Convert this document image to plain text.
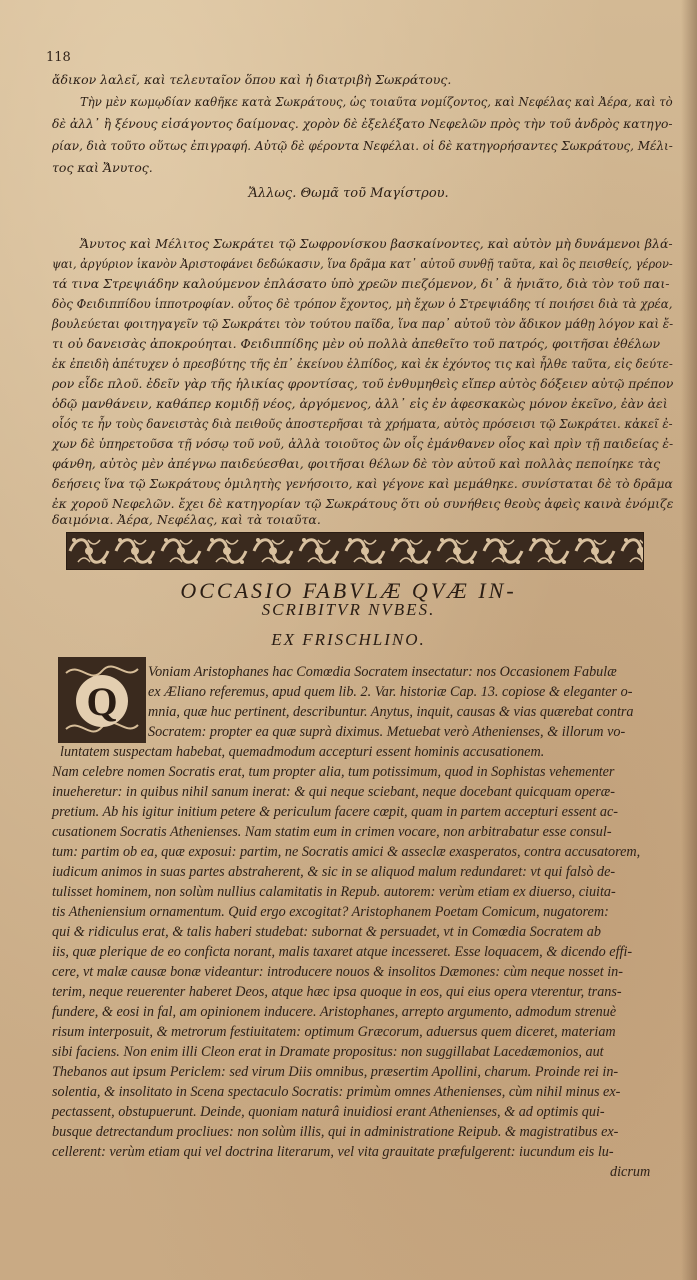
118
ἄδικον λαλεῖ, καὶ τελευταῖον ὅπου καὶ ἡ διατριβὴ Σωκράτους.
Τὴν μὲν κωμῳδίαν καθῆκε κατὰ Σωκράτους, ὡς τοιαῦτα νομίζοντος, καὶ Νεφέλας καὶ Ἀέρα, καὶ τὸ
δὲ ἀλλ᾽ ἢ ξένους εἰσάγοντος δαίμονας. χορὸν δὲ ἐξελέξατο Νεφελῶν πρὸς τὴν τοῦ ἀνδρὸς κατηγο-
ρίαν, διὰ τοῦτο οὕτως ἐπιγραφή. Αὐτῷ δὲ φέροντα Νεφέλαι. οἱ δὲ κατηγορήσαντες Σωκράτους, Μέλι-
τος καὶ Ἄνυτος.
Ἄλλως. Θωμᾶ τοῦ Μαγίστρου.
Ἄνυτος καὶ Μέλιτος Σωκράτει τῷ Σωφρονίσκου βασκαίνοντες, καὶ αὐτὸν μὴ δυνάμενοι βλά-
ψαι, ἀργύριον ἱκανὸν Ἀριστοφάνει δεδώκασιν, ἵνα δρᾶμα κατ᾽ αὐτοῦ συνθῇ ταῦτα, καὶ ὃς πεισθείς, γέρον-
τά τινα Στρεψιάδην καλούμενον ἐπλάσατο ὑπὸ χρεῶν πιεζόμενον, δι᾽ ἃ ἠνιᾶτο, διὰ τὸν τοῦ παι-
δὸς Φειδιππίδου ἱπποτροφίαν. οὗτος δὲ τρόπον ἔχοντος, μὴ ἔχων ὁ Στρεψιάδης τί ποιήσει διὰ τὰ χρέα,
βουλεύεται φοιτηγαγεῖν τῷ Σωκράτει τὸν τούτου παῖδα, ἵνα παρ᾽ αὐτοῦ τὸν ἄδικον μάθῃ λόγον καὶ ἔ-
τι οὐ δανεισὰς ἀποκρούηται. Φειδιππίδης μὲν οὐ πολλὰ ἀπεθεῖτο τοῦ πατρός, φοιτῆσαι ἐθέλων
ἐκ ἐπειδὴ ἀπέτυχεν ὁ πρεσβύτης τῆς ἐπ᾽ ἐκείνου ἐλπίδος, καὶ ἐκ ἐχόντος τις καὶ ἦλθε ταῦτα, εἰς δεύτε-
ρον εἶδε πλοῦ. ἐδεῖν γὰρ τῆς ἡλικίας φροντίσας, τοῦ ἐνθυμηθεὶς εἴπερ αὐτὸς δόξειεν αὐτῷ πρέπον
ὁδῷ μανθάνειν, καθάπερ κομιδῇ νέος, ἀργόμενος, ἀλλ᾽ εἰς ἐν ἀφεσκακὼς μόνον ἐκεῖνο, ἐὰν ἀεὶ
οἷός τε ἦν τοὺς δανειστὰς διὰ πειθοῦς ἀποστερῆσαι τὰ χρήματα, αὐτὸς πρόσεισι τῷ Σωκράτει. κἀκεῖ ἐ-
χων δὲ ὑπηρετοῦσα τῇ νόσῳ τοῦ νοῦ, ἀλλὰ τοιοῦτος ὢν οἷς ἐμάνθανεν οἷος καὶ πρὶν τῇ παιδείας ἐ-
φάνθη, αὐτὸς μὲν ἀπέγνω παιδεύεσθαι, φοιτῆσαι θέλων δὲ τὸν αὐτοῦ καὶ πολλὰς πεποίηκε τὰς
δεήσεις ἵνα τῷ Σωκράτους ὁμιλητὴς γενήσοιτο, καὶ γέγονε καὶ μεμάθηκε. συνίσταται δὲ τὸ δρᾶμα
ἐκ χοροῦ Νεφελῶν. ἔχει δὲ κατηγορίαν τῷ Σωκράτους ὅτι οὐ συνήθεις θεοὺς ἀφεὶς καινὰ ἐνόμιζε
δαιμόνια. Ἀέρα, Νεφέλας, καὶ τὰ τοιαῦτα.
OCCASIO FABVLÆ QVÆ IN-
SCRIBITVR NVBES.
EX FRISCHLINO.
Q
Voniam Aristophanes hac Comœdia Socratem insectatur: nos Occasionem Fabulæ
ex Æliano referemus, apud quem lib. 2. Var. historiæ Cap. 13. copiose & eleganter o-
mnia, quæ huc pertinent, describuntur. Anytus, inquit, causas & vias quærebat contra
Socratem: propter ea quæ suprà diximus. Metuebat verò Athenienses, & illorum vo-
luntatem suspectam habebat, quemadmodum accepturi essent hominis accusationem.
Nam celebre nomen Socratis erat, tum propter alia, tum potissimum, quod in Sophistas vehementer
inueheretur: in quibus nihil sanum inerat: & qui neque sciebant, neque docebant quicquam operæ-
pretium. Ab his igitur initium petere & periculum facere cœpit, quam in partem accepturi essent ac-
cusationem Socratis Athenienses. Nam statim eum in crimen vocare, non arbitrabatur esse consul-
tum: partim ob ea, quæ exposui: partim, ne Socratis amici & asseclæ exasperatos, contra accusatorem,
iudicum animos in suas partes abstraherent, & sic in se aliquod malum redundaret: vt qui falsò de-
tulisset hominem, non solùm nullius calamitatis in Repub. autorem: verùm etiam ex diuerso, ciuita-
tis Atheniensium ornamentum. Quid ergo excogitat? Aristophanem Poetam Comicum, nugatorem:
qui & ridiculus erat, & talis haberi studebat: subornat & persuadet, vt in Comœdia Socratem ab
iis, quæ plerique de eo conficta norant, malis taxaret atque incesseret. Esse loquacem, & dicendo effi-
cere, vt malæ causæ bonæ videantur: introducere nouos & insolitos Dæmones: cùm neque nosset in-
terim, neque reuerenter haberet Deos, atque hæc ipsa quoque in eos, qui eius opera vterentur, trans-
fundere, & eosi in fal, am opinionem inducere. Aristophanes, arrepto argumento, admodum strenuè
risum interposuit, & metrorum festiuitatem: optimum Græcorum, aduersus quem diceret, materiam
sibi faciens. Non enim illi Cleon erat in Dramate propositus: non suggillabat Lacedæmonios, aut
Thebanos aut ipsum Periclem: sed virum Diis omnibus, præsertim Apollini, charum. Proinde rei in-
solentia, & insolitato in Scena spectaculo Socratis: primùm omnes Athenienses, cùm nihil minus ex-
pectassent, obstupuerunt. Deinde, quoniam naturâ inuidiosi erant Athenienses, & ad optimis qui-
busque detrectandum procliues: non solùm illis, qui in administratione Reipub. & magistratibus ex-
cellerent: verùm etiam qui vel doctrina literarum, vel vita grauitate præfulgerent: iucundum eis lu-
dicrum
